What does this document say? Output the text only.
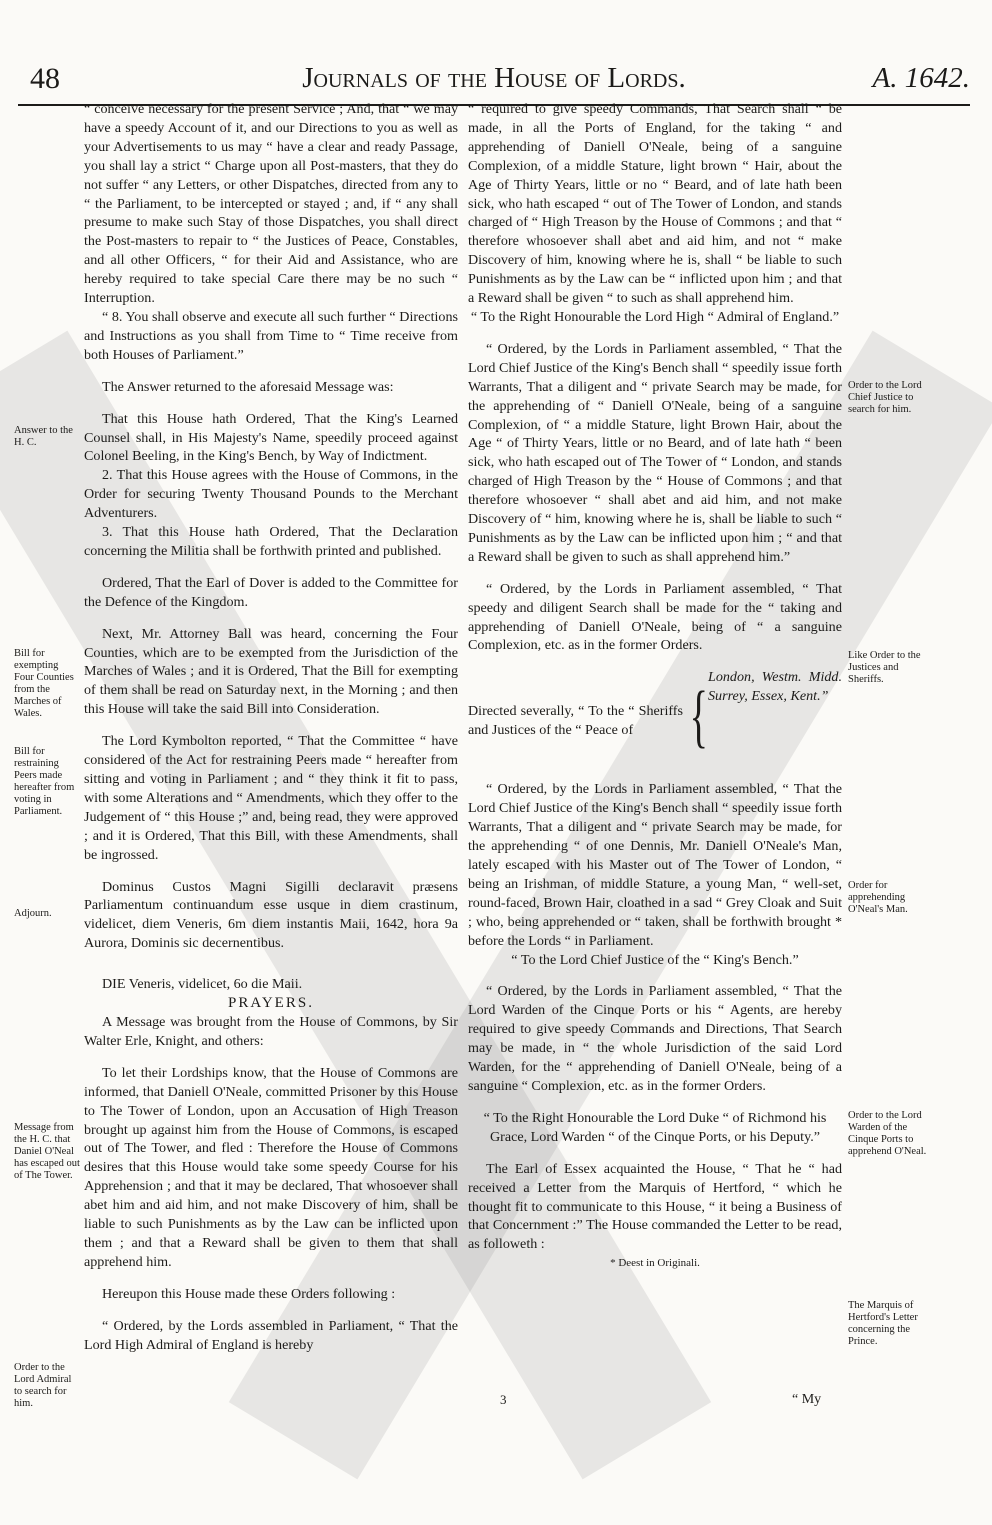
48	Journals of the House of Lords.	A. 1642.

“ conceive necessary for the present Service ; And, that “ we may have a speedy Account of it, and our Directions to you as well as your Advertisements to us may “ have a clear and ready Passage, you shall lay a strict “ Charge upon all Post-masters, that they do not suffer “ any Letters, or other Dispatches, directed from any to “ the Parliament, to be intercepted or stayed ; and, if “ any shall presume to make such Stay of those Dispatches, you shall direct the Post-masters to repair to “ the Justices of Peace, Constables, and all other Officers, “ for their Aid and Assistance, who are hereby required to take special Care there may be no such “ Interruption.

“ 8. You shall observe and execute all such further “ Directions and Instructions as you shall from Time to “ Time receive from both Houses of Parliament.”

The Answer returned to the aforesaid Message was:

That this House hath Ordered, That the King's Learned Counsel shall, in His Majesty's Name, speedily proceed against Colonel Beeling, in the King's Bench, by Way of Indictment.

2. That this House agrees with the House of Commons, in the Order for securing Twenty Thousand Pounds to the Merchant Adventurers.

3. That this House hath Ordered, That the Declaration concerning the Militia shall be forthwith printed and published.

Ordered, That the Earl of Dover is added to the Committee for the Defence of the Kingdom.

Next, Mr. Attorney Ball was heard, concerning the Four Counties, which are to be exempted from the Jurisdiction of the Marches of Wales ; and it is Ordered, That the Bill for exempting of them shall be read on Saturday next, in the Morning ; and then this House will take the said Bill into Consideration.

The Lord Kymbolton reported, “ That the Committee “ have considered of the Act for restraining Peers made “ hereafter from sitting and voting in Parliament ; and “ they think it fit to pass, with some Alterations and “ Amendments, which they offer to the Judgement of “ this House ;” and, being read, they were approved ; and it is Ordered, That this Bill, with these Amendments, shall be ingrossed.

Dominus Custos Magni Sigilli declaravit præsens Parliamentum continuandum esse usque in diem crastinum, videlicet, diem Veneris, 6m diem instantis Maii, 1642, hora 9a Aurora, Dominis sic decernentibus.

DIE Veneris, videlicet, 6o die Maii.

PRAYERS.

A Message was brought from the House of Commons, by Sir Walter Erle, Knight, and others:

To let their Lordships know, that the House of Commons are informed, that Daniell O'Neale, committed Prisoner by this House to The Tower of London, upon an Accusation of High Treason brought up against him from the House of Commons, is escaped out of The Tower, and fled : Therefore the House of Commons desires that this House would take some speedy Course for his Apprehension ; and that it may be declared, That whosoever shall abet him and aid him, and not make Discovery of him, shall be liable to such Punishments as by the Law can be inflicted upon them ; and that a Reward shall be given to them that shall apprehend him.

Hereupon this House made these Orders following :

“ Ordered, by the Lords assembled in Parliament, “ That the Lord High Admiral of England is hereby

“ required to give speedy Commands, That Search shall “ be made, in all the Ports of England, for the taking “ and apprehending of Daniell O'Neale, being of a sanguine Complexion, of a middle Stature, light brown “ Hair, about the Age of Thirty Years, little or no “ Beard, and of late hath been sick, who hath escaped “ out of The Tower of London, and stands charged of “ High Treason by the House of Commons ; and that “ therefore whosoever shall abet and aid him, and not “ make Discovery of him, knowing where he is, shall “ be liable to such Punishments as by the Law can be “ inflicted upon him ; and that a Reward shall be given “ to such as shall apprehend him.

“ To the Right Honourable the Lord High “ Admiral of England.”

“ Ordered, by the Lords in Parliament assembled, “ That the Lord Chief Justice of the King's Bench shall “ speedily issue forth Warrants, That a diligent and “ private Search may be made, for the apprehending of “ Daniell O'Neale, being of a sanguine Complexion, of “ a middle Stature, light Brown Hair, about the Age “ of Thirty Years, little or no Beard, and of late hath “ been sick, who hath escaped out of The Tower of “ London, and stands charged of High Treason by the “ House of Commons ; and that therefore whosoever “ shall abet and aid him, and not make Discovery of “ him, knowing where he is, shall be liable to such “ Punishments as by the Law can be inflicted upon him ; “ and that a Reward shall be given to such as shall apprehend him.”

“ Ordered, by the Lords in Parliament assembled, “ That speedy and diligent Search shall be made for the “ taking and apprehending of Daniell O'Neale, being of “ a sanguine Complexion, etc. as in the former Orders.

Directed severally, “ To the “ Sheriffs and Justices of the “ Peace of {
London, Westm. Midd. Surrey, Essex, Kent.”

“ Ordered, by the Lords in Parliament assembled, “ That the Lord Chief Justice of the King's Bench shall “ speedily issue forth Warrants, That a diligent and “ private Search may be made, for the apprehending “ of one Dennis, Mr. Daniell O'Neale's Man, lately escaped with his Master out of The Tower of London, “ being an Irishman, of middle Stature, a young Man, “ well-set, round-faced, Brown Hair, cloathed in a sad “ Grey Cloak and Suit ; who, being apprehended or “ taken, shall be forthwith brought * before the Lords “ in Parliament.

“ To the Lord Chief Justice of the “ King's Bench.”

“ Ordered, by the Lords in Parliament assembled, “ That the Lord Warden of the Cinque Ports or his “ Agents, are hereby required to give speedy Commands and Directions, That Search may be made, in “ the whole Jurisdiction of the said Lord Warden, for the “ apprehending of Daniell O'Neale, being of a sanguine “ Complexion, etc. as in the former Orders.

“ To the Right Honourable the Lord Duke “ of Richmond his Grace, Lord Warden “ of the Cinque Ports, or his Deputy.”

The Earl of Essex acquainted the House, “ That he “ had received a Letter from the Marquis of Hertford, “ which he thought fit to communicate to this House, “ it being a Business of that Concernment :” The House commanded the Letter to be read, as followeth :

* Deest in Originali.

3	“ My
Answer to the H. C.
Bill for exempting Four Counties from the Marches of Wales.
Bill for restraining Peers made hereafter from voting in Parliament.
Adjourn.
Message from the H. C. that Daniel O'Neal has escaped out of The Tower.
Order to the Lord Admiral to search for him.
Order to the Lord Chief Justice to search for him.
Like Order to the Justices and Sheriffs.
Order for apprehending O'Neal's Man.
Order to the Lord Warden of the Cinque Ports to apprehend O'Neal.
The Marquis of Hertford's Letter concerning the Prince.
